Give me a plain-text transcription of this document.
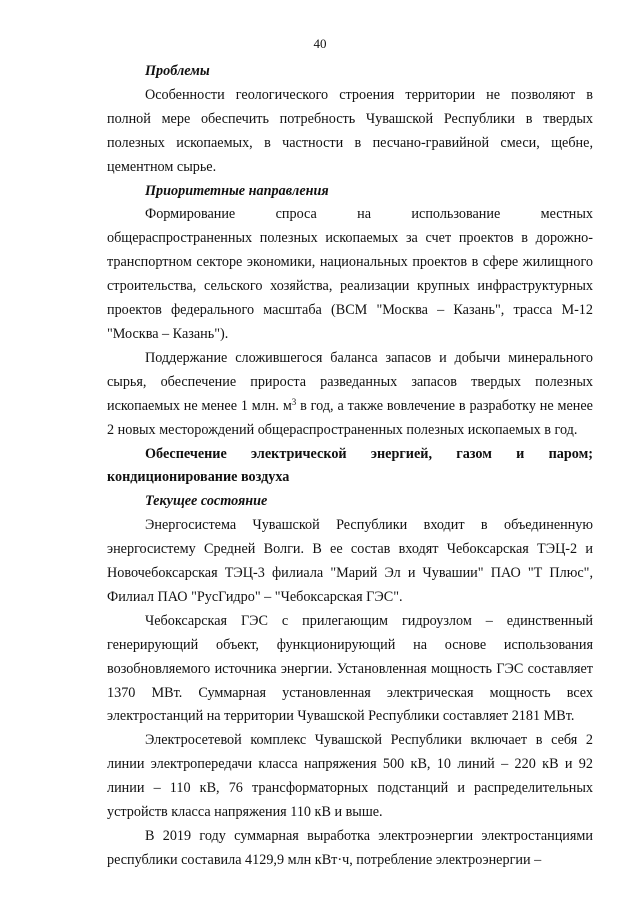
40
Проблемы

Особенности геологического строения территории не позволяют в полной мере обеспечить потребность Чувашской Республики в твердых полезных ископаемых, в частности в песчано-гравийной смеси, щебне, цементном сырье.

Приоритетные направления

Формирование спроса на использование местных общераспространенных полезных ископаемых за счет проектов в дорожно-транспортном секторе экономики, национальных проектов в сфере жилищного строительства, сельского хозяйства, реализации крупных инфраструктурных проектов федерального масштаба (ВСМ "Москва – Казань", трасса М-12 "Москва – Казань").

Поддержание сложившегося баланса запасов и добычи минерального сырья, обеспечение прироста разведанных запасов твердых полезных ископаемых не менее 1 млн. $м^3$ в год, а также вовлечение в разработку не менее 2 новых месторождений общераспространенных полезных ископаемых в год.

Обеспечение электрической энергией, газом и паром; кондиционирование воздуха
Текущее состояние

Энергосистема Чувашской Республики входит в объединенную энергосистему Средней Волги. В ее состав входят Чебоксарская ТЭЦ-2 и Новочебоксарская ТЭЦ-3 филиала "Марий Эл и Чувашии" ПАО "Т Плюс", Филиал ПАО "РусГидро" – "Чебоксарская ГЭС".

Чебоксарская ГЭС с прилегающим гидроузлом – единственный генерирующий объект, функционирующий на основе использования возобновляемого источника энергии. Установленная мощность ГЭС составляет 1370 МВт. Суммарная установленная электрическая мощность всех электростанций на территории Чувашской Республики составляет 2181 МВт.

Электросетевой комплекс Чувашской Республики включает в себя 2 линии электропередачи класса напряжения 500 кВ, 10 линий – 220 кВ и 92 линии – 110 кВ, 76 трансформаторных подстанций и распределительных устройств класса напряжения 110 кВ и выше.

В 2019 году суммарная выработка электроэнергии электростанциями республики составила 4129,9 млн кВт·ч, потребление электроэнергии –
